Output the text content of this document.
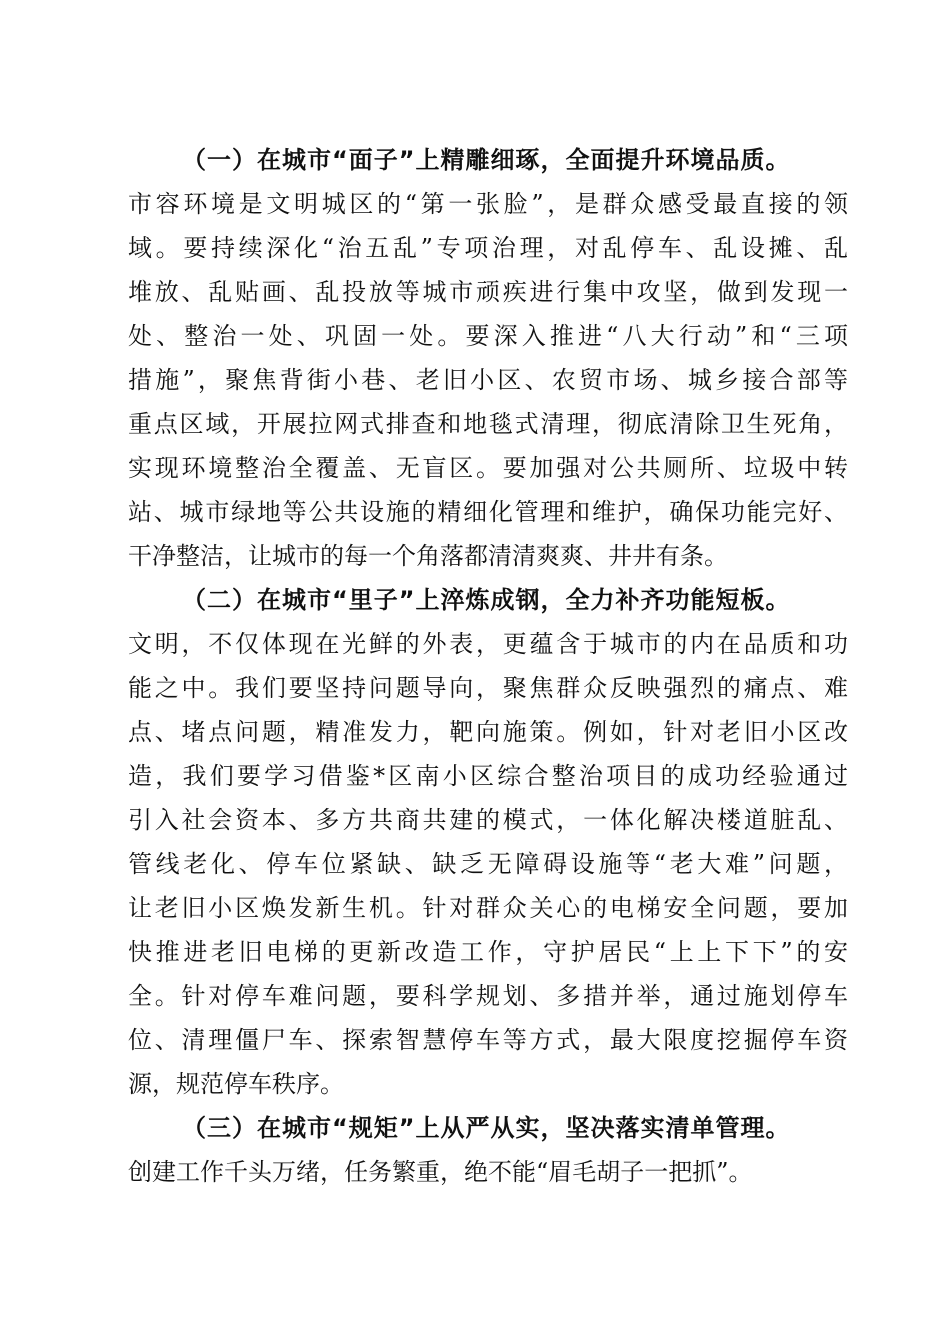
（一）在城市“面子”上精雕细琢，全面提升环境品质。
市容环境是文明城区的“第一张脸”，是群众感受最直接的领
域。要持续深化“治五乱”专项治理，对乱停车、乱设摊、乱
堆放、乱贴画、乱投放等城市顽疾进行集中攻坚，做到发现一
处、整治一处、巩固一处。要深入推进“八大行动”和“三项
措施”，聚焦背街小巷、老旧小区、农贸市场、城乡接合部等
重点区域，开展拉网式排查和地毯式清理，彻底清除卫生死角，
实现环境整治全覆盖、无盲区。要加强对公共厕所、垃圾中转
站、城市绿地等公共设施的精细化管理和维护，确保功能完好、
干净整洁，让城市的每一个角落都清清爽爽、井井有条。
（二）在城市“里子”上淬炼成钢，全力补齐功能短板。
文明，不仅体现在光鲜的外表，更蕴含于城市的内在品质和功
能之中。我们要坚持问题导向，聚焦群众反映强烈的痛点、难
点、堵点问题，精准发力，靶向施策。例如，针对老旧小区改
造，我们要学习借鉴*区南小区综合整治项目的成功经验通过
引入社会资本、多方共商共建的模式，一体化解决楼道脏乱、
管线老化、停车位紧缺、缺乏无障碍设施等“老大难”问题，
让老旧小区焕发新生机。针对群众关心的电梯安全问题，要加
快推进老旧电梯的更新改造工作，守护居民“上上下下”的安
全。针对停车难问题，要科学规划、多措并举，通过施划停车
位、清理僵尸车、探索智慧停车等方式，最大限度挖掘停车资
源，规范停车秩序。
（三）在城市“规矩”上从严从实，坚决落实清单管理。
创建工作千头万绪，任务繁重，绝不能“眉毛胡子一把抓”。
